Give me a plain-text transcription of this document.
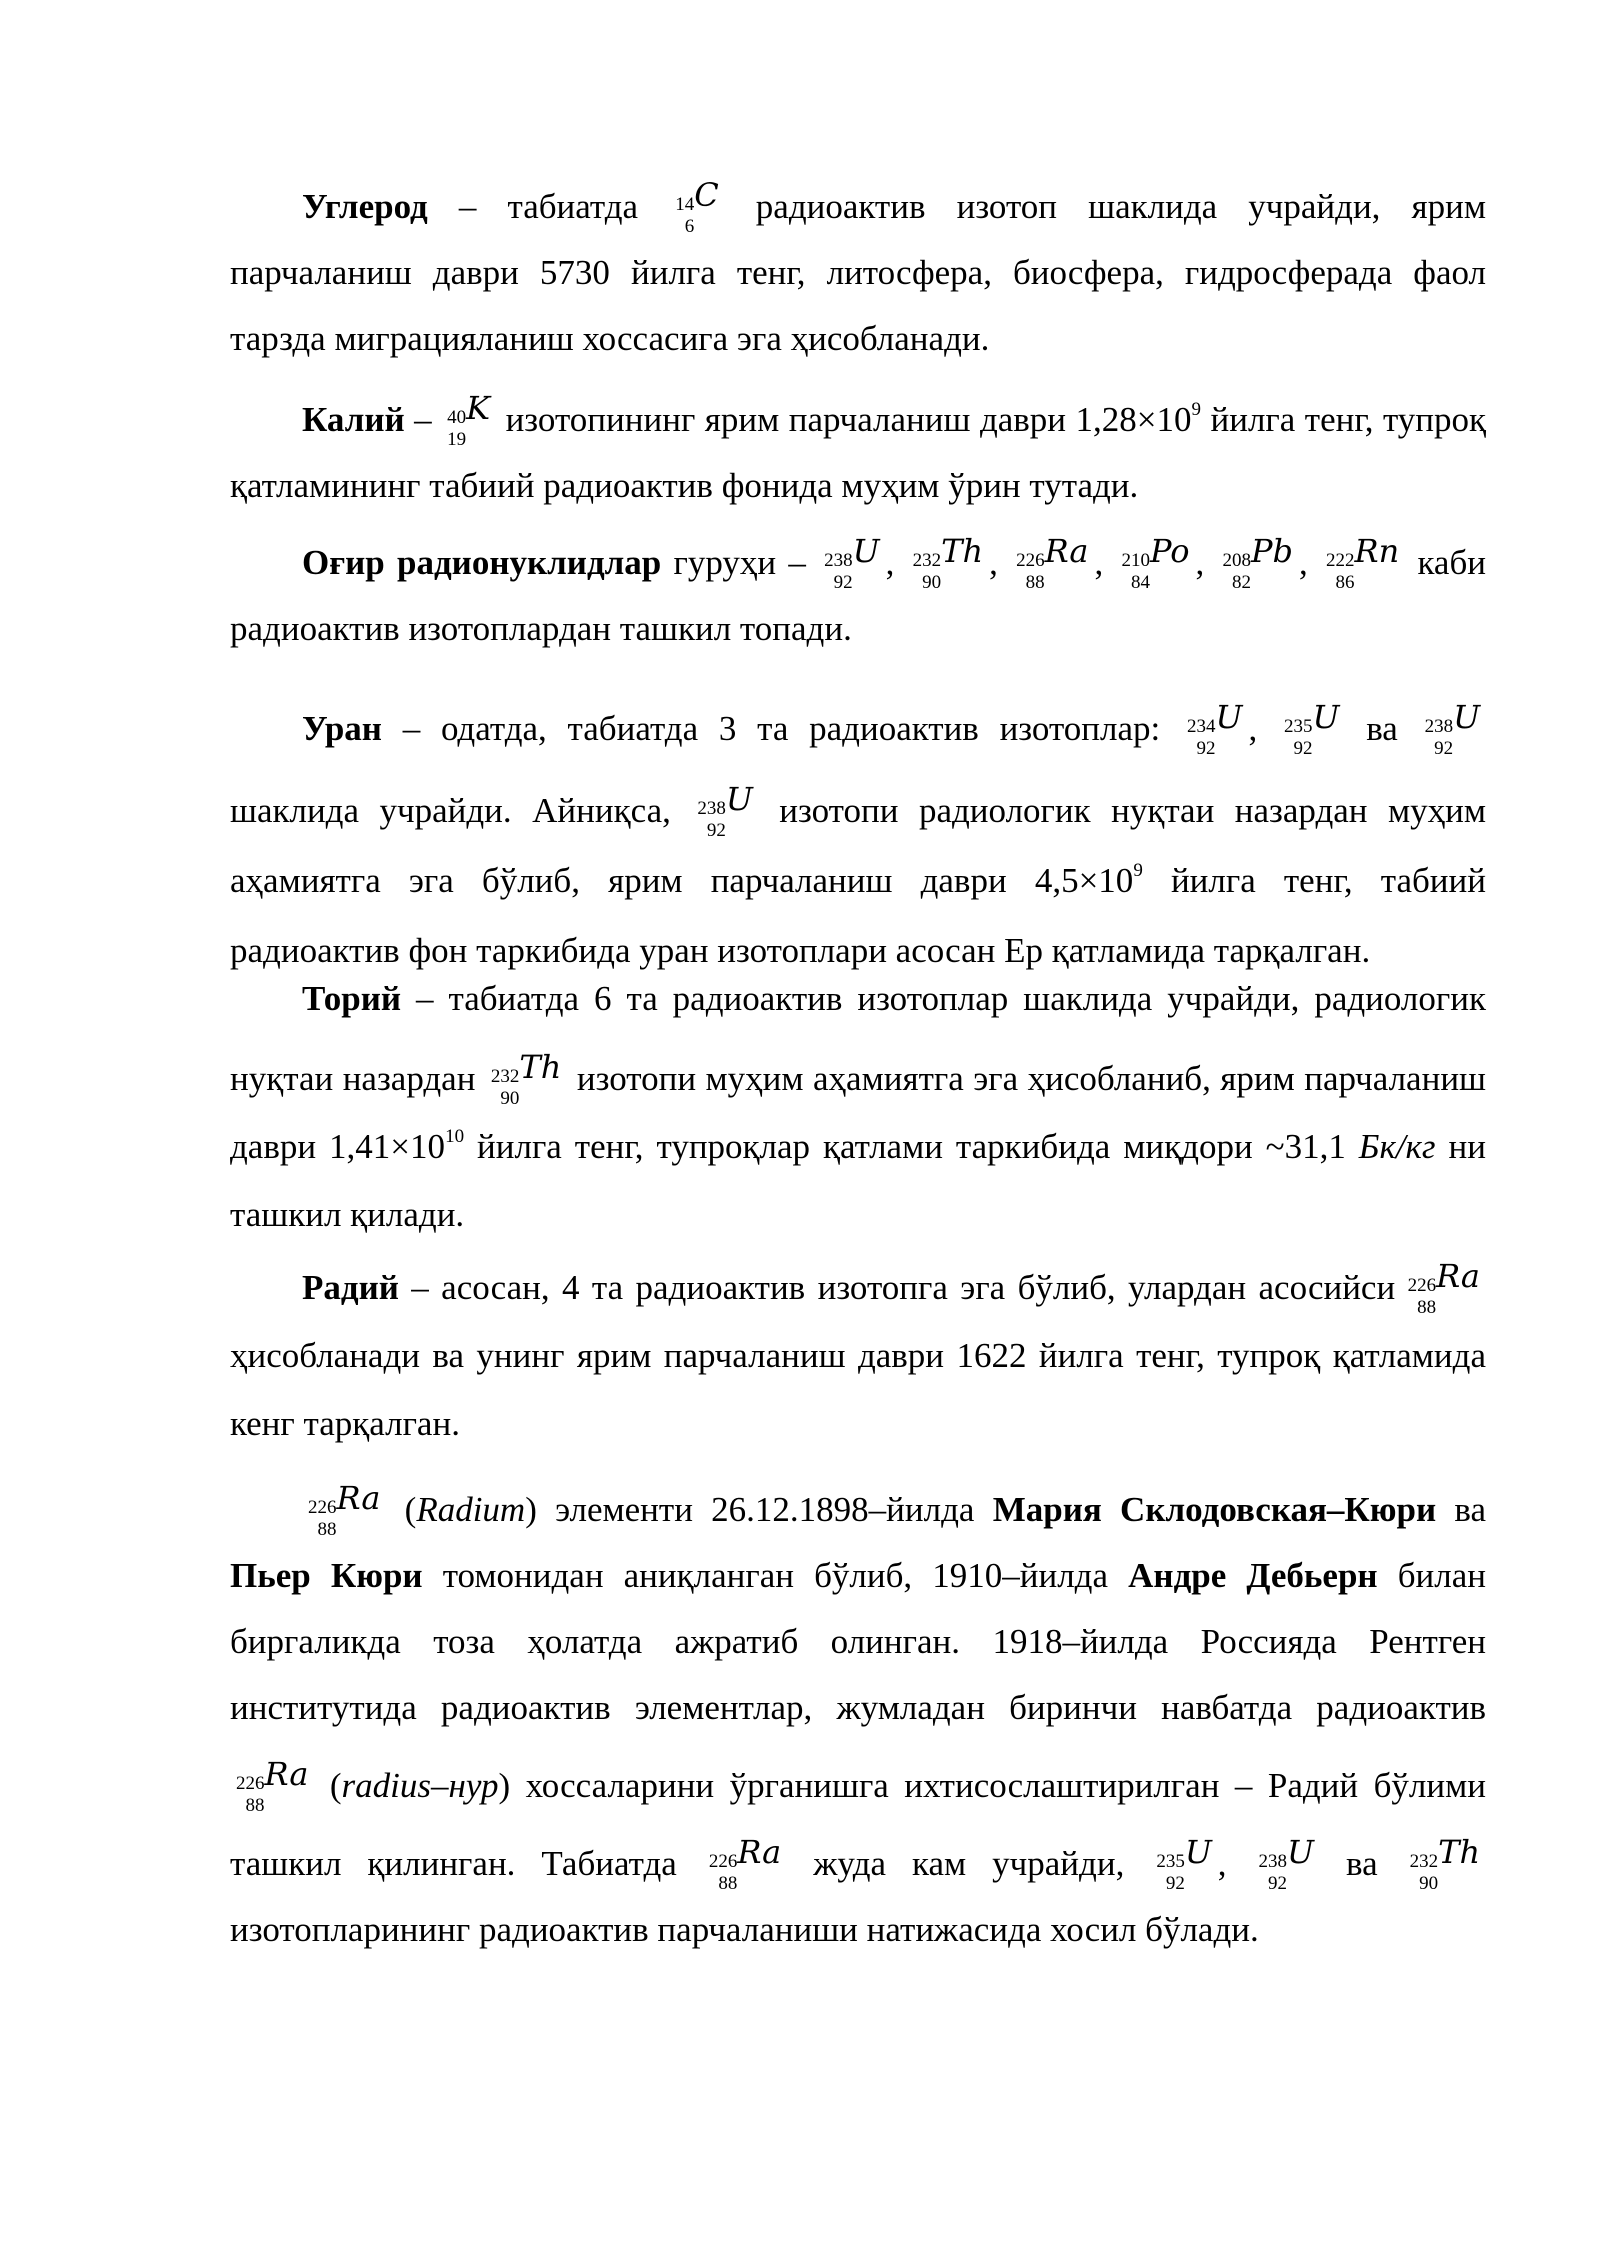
Углерод – табиатда 14
6
C радиоактив изотоп шаклида учрайди, ярим парчаланиш даври 5730 йилга тенг, литосфера, биосфера, гидросферада фаол тарзда миграцияланиш хоссасига эга ҳисобланади.

Калий – 40
19
K изотопининг ярим парчаланиш даври $1,28\times 10^9$ йилга тенг, тупроқ қатламининг табиий радиоактив фонида муҳим ўрин тутади.

Оғир радионуклидлар гуруҳи – 238
92
U , 232
90
Th , 226
88
Ra , 210
84
Po , 208
82
Pb , 222
86
Rn каби радиоактив изотоплардан ташкил топади.

Уран – одатда, табиатда 3 та радиоактив изотоплар: 234
92
U , 235
92
U ва 238
92
U шаклида учрайди. Айниқса, 238
92
U изотопи радиологик нуқтаи назардан муҳим аҳамиятга эга бўлиб, ярим парчаланиш даври $4,5\times 10^9$ йилга тенг, табиий радиоактив фон таркибида уран изотоплари асосан Ер қатламида тарқалган.

Торий – табиатда 6 та радиоактив изотоплар шаклида учрайди, радиологик нуқтаи назардан 232
90
Th изотопи муҳим аҳамиятга эга ҳисобланиб, ярим парчаланиш даври $1,41\times 10^{10}$ йилга тенг, тупроқлар қатлами таркибида миқдори ~31,1 Бк/кг ни ташкил қилади.

Радий – асосан, 4 та радиоактив изотопга эга бўлиб, улардан асосийси 226
88
Ra ҳисобланади ва унинг ярим парчаланиш даври 1622 йилга тенг, тупроқ қатламида кенг тарқалган.

226
88
Ra (Radium) элементи 26.12.1898–йилда Мария Склодовская–Кюри ва Пьер Кюри томонидан аниқланган бўлиб, 1910–йилда Андре Дебьерн билан биргаликда тоза ҳолатда ажратиб олинган. 1918–йилда Россияда Рентген институтида радиоактив элементлар, жумладан биринчи навбатда радиоактив
226
88
Ra (radius–нур) хоссаларини ўрганишга ихтисослаштирилган – Радий бўлими ташкил қилинган. Табиатда 226
88
Ra жуда кам учрайди, 235
92
U , 238
92
U ва 232
90
Th изотопларининг радиоактив парчаланиши натижасида хосил бўлади.
